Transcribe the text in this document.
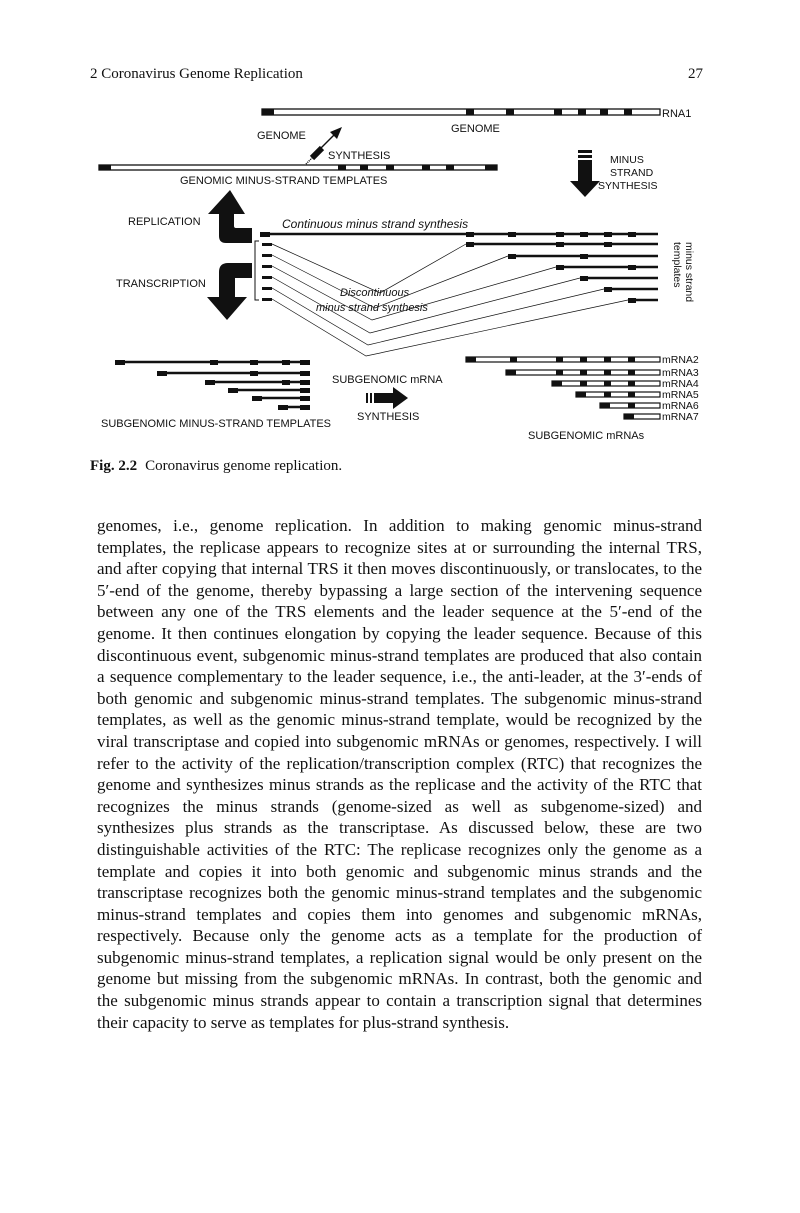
2 Coronavirus Genome Replication	27
RNA1
GENOME
GENOME
SYNTHESIS
GENOMIC MINUS-STRAND TEMPLATES
MINUS STRAND SYNTHESIS
REPLICATION	Continuous minus strand synthesis
Discontinuous minus strand synthesis
TRANSCRIPTION	minus strand templates
SUBGENOMIC MINUS-STRAND TEMPLATES
SUBGENOMIC mRNA
SYNTHESIS
mRNA2 mRNA3 mRNA4 mRNA5 mRNA6 mRNA7
SUBGENOMIC mRNAs
Fig. 2.2 Coronavirus genome replication.

genomes, i.e., genome replication. In addition to making genomic minus-strand templates, the replicase appears to recognize sites at or surrounding the internal TRS, and after copying that internal TRS it then moves discontinuously, or translocates, to the 5′-end of the genome, thereby bypassing a large section of the intervening sequence between any one of the TRS elements and the leader sequence at the 5′-end of the genome. It then continues elongation by copying the leader sequence. Because of this discontinuous event, subgenomic minus-strand templates are produced that also contain a sequence complementary to the leader sequence, i.e., the anti-leader, at the 3′-ends of both genomic and subgenomic minus-strand templates. The subgenomic minus-strand templates, as well as the genomic minus-strand template, would be recognized by the viral transcriptase and copied into subgenomic mRNAs or genomes, respectively. I will refer to the activity of the replication/transcription complex (RTC) that recognizes the genome and synthesizes minus strands as the replicase and the activity of the RTC that recognizes the minus strands (genome-sized as well as subgenome-sized) and synthesizes plus strands as the transcriptase. As discussed below, these are two distinguishable activities of the RTC: The replicase recognizes only the genome as a template and copies it into both genomic and subgenomic minus strands and the transcriptase recognizes both the genomic minus-strand templates and the subgenomic minus-strand templates and copies them into genomes and subgenomic mRNAs, respectively. Because only the genome acts as a template for the production of subgenomic minus-strand templates, a replication signal would be only present on the genome but missing from the subgenomic mRNAs. In contrast, both the genomic and the subgenomic minus strands appear to contain a transcription signal that determines their capacity to serve as templates for plus-strand synthesis.
